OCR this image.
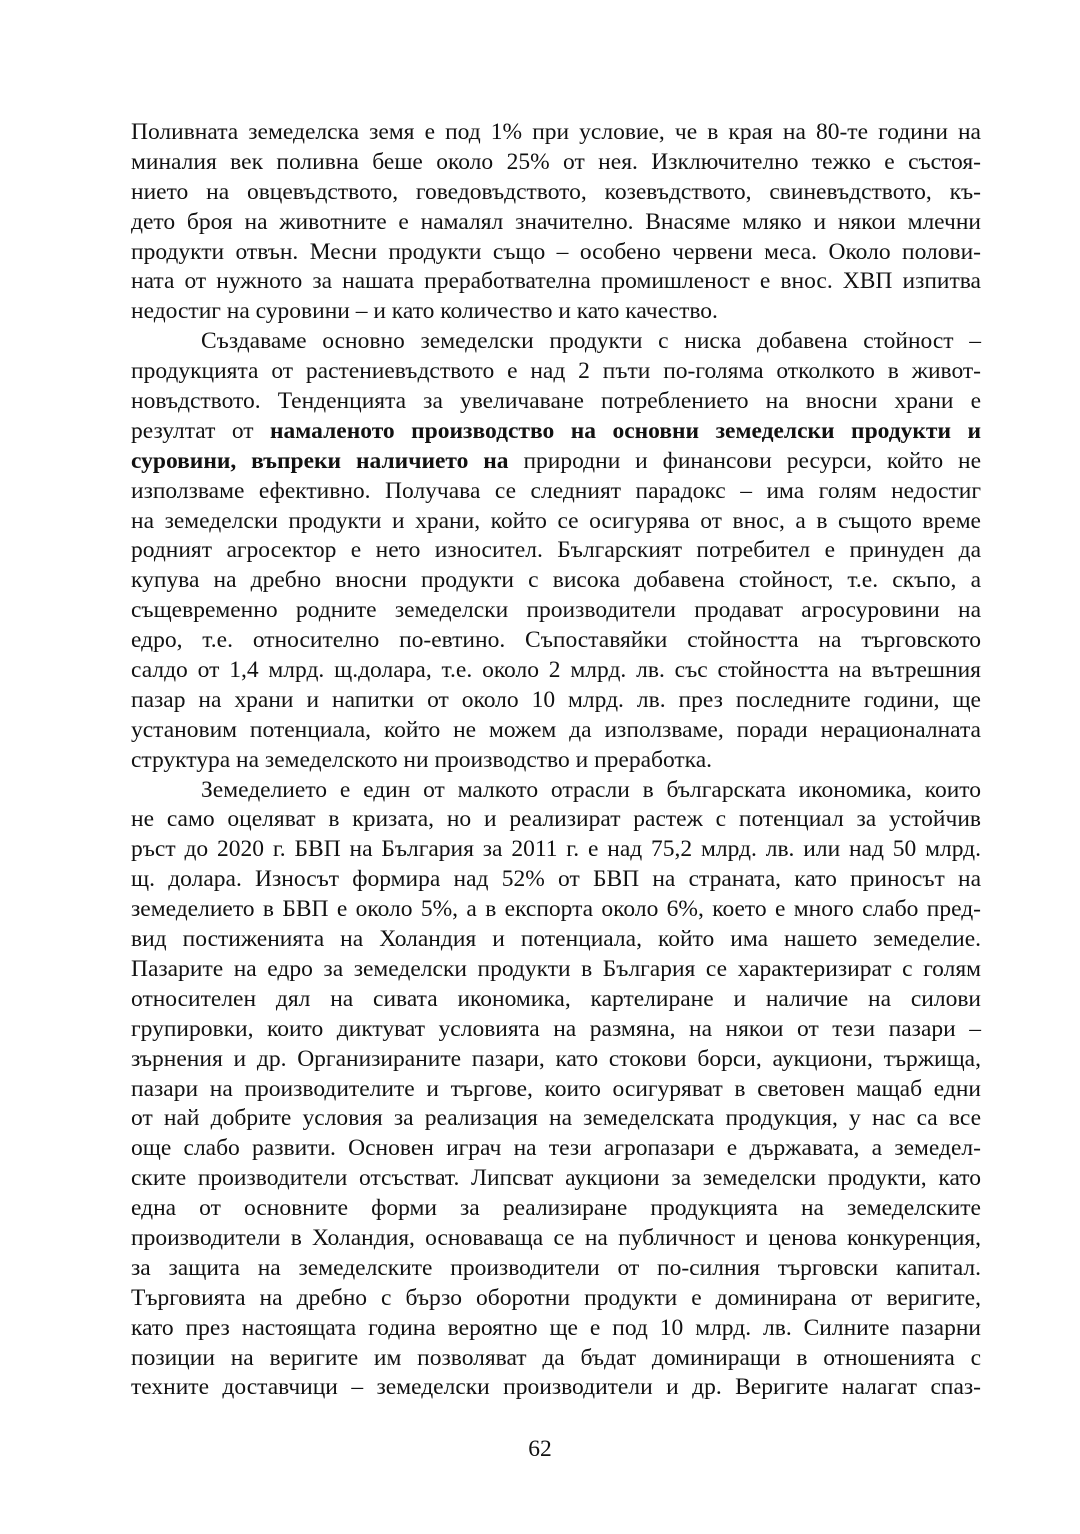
Поливната земеделска земя е под 1% при условие, че в края на 80-те години на
миналия век поливна беше около 25% от нея. Изключително тежко е състоя-
нието на овцевъдството, говедовъдството, козевъдството, свиневъдството, къ-
дето броя на животните е намалял значително. Внасяме мляко и някои млечни
продукти отвън. Месни продукти също – особено червени меса. Около полови-
ната от нужното за нашата преработвателна промишленост е внос. ХВП изпитва
недостиг на суровини – и като количество и като качество.
Създаваме основно земеделски продукти с ниска добавена стойност –
продукцията от растениевъдството е над 2 пъти по-голяма отколкото в живот-
новъдството. Тенденцията за увеличаване потреблението на вносни храни е
резултат от намаленото производство на основни земеделски продукти и
суровини, въпреки наличието на природни и финансови ресурси, който не
използваме ефективно. Получава се следният парадокс – има голям недостиг
на земеделски продукти и храни, който се осигурява от внос, а в същото време
родният агросектор е нето износител. Българският потребител е принуден да
купува на дребно вносни продукти с висока добавена стойност, т.е. скъпо, а
същевременно родните земеделски производители продават агросуровини на
едро, т.е. относително по-евтино. Съпоставяйки стойността на търговското
салдо от 1,4 млрд. щ.долара, т.е. около 2 млрд. лв. със стойността на вътрешния
пазар на храни и напитки от около 10 млрд. лв. през последните години, ще
установим потенциала, който не можем да използваме, поради нерационалната
структура на земеделското ни производство и преработка.
Земеделието е един от малкото отрасли в българската икономика, които
не само оцеляват в кризата, но и реализират растеж с потенциал за устойчив
ръст до 2020 г. БВП на България за 2011 г. е над 75,2 млрд. лв. или над 50 млрд.
щ. долара. Износът формира над 52% от БВП на страната, като приносът на
земеделието в БВП е около 5%, а в експорта около 6%, което е много слабо пред-
вид постиженията на Холандия и потенциала, който има нашето земеделие.
Пазарите на едро за земеделски продукти в България се характеризират с голям
относителен дял на сивата икономика, картелиране и наличие на силови
групировки, които диктуват условията на размяна, на някои от тези пазари –
зърнения и др. Организираните пазари, като стокови борси, аукциони, тържища,
пазари на производителите и търгове, които осигуряват в световен мащаб едни
от най добрите условия за реализация на земеделската продукция, у нас са все
още слабо развити. Основен играч на тези агропазари е държавата, а земедел-
ските производители отсъстват. Липсват аукциони за земеделски продукти, като
една от основните форми за реализиране продукцията на земеделските
производители в Холандия, основаваща се на публичност и ценова конкуренция,
за защита на земеделските производители от по-силния търговски капитал.
Търговията на дребно с бързо оборотни продукти е доминирана от веригите,
като през настоящата година вероятно ще е под 10 млрд. лв. Силните пазарни
позиции на веригите им позволяват да бъдат доминиращи в отношенията с
техните доставчици – земеделски производители и др. Веригите налагат спаз-
62
